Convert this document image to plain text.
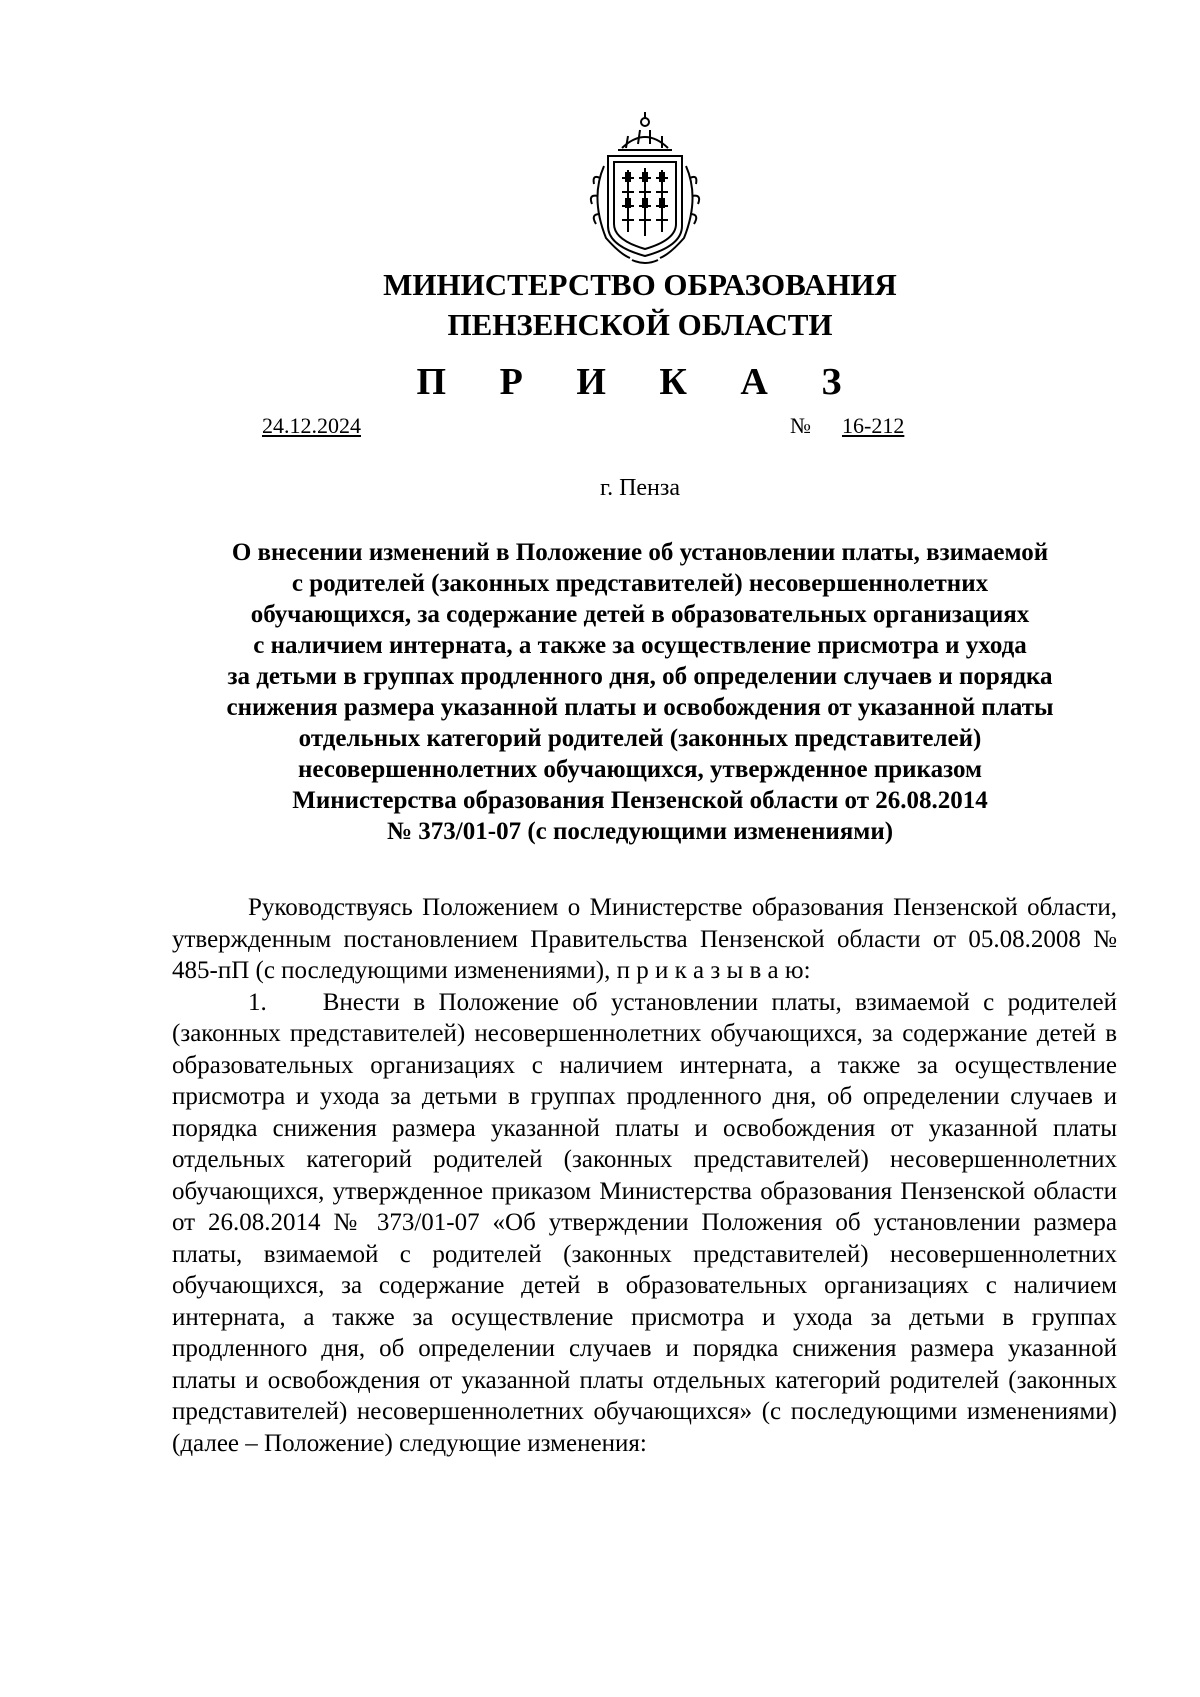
МИНИСТЕРСТВО ОБРАЗОВАНИЯ
ПЕНЗЕНСКОЙ ОБЛАСТИ
П Р И К А З
24.12.2024	№ 16-212
г. Пенза
О внесении изменений в Положение об установлении платы, взимаемой
с родителей (законных представителей) несовершеннолетних
обучающихся, за содержание детей в образовательных организациях
с наличием интерната, а также за осуществление присмотра и ухода
за детьми в группах продленного дня, об определении случаев и порядка
снижения размера указанной платы и освобождения от указанной платы
отдельных категорий родителей (законных представителей)
несовершеннолетних обучающихся, утвержденное приказом
Министерства образования Пензенской области от 26.08.2014
№ 373/01-07 (с последующими изменениями)

Руководствуясь Положением о Министерстве образования Пензенской области, утвержденным постановлением Правительства Пензенской области от 05.08.2008 № 485-пП (с последующими изменениями), п р и к а з ы в а ю:

1. Внести в Положение об установлении платы, взимаемой с родителей (законных представителей) несовершеннолетних обучающихся, за содержание детей в образовательных организациях с наличием интерната, а также за осуществление присмотра и ухода за детьми в группах продленного дня, об определении случаев и порядка снижения размера указанной платы и освобождения от указанной платы отдельных категорий родителей (законных представителей) несовершеннолетних обучающихся, утвержденное приказом Министерства образования Пензенской области от 26.08.2014 № 373/01-07 «Об утверждении Положения об установлении размера платы, взимаемой с родителей (законных представителей) несовершеннолетних обучающихся, за содержание детей в образовательных организациях с наличием интерната, а также за осуществление присмотра и ухода за детьми в группах продленного дня, об определении случаев и порядка снижения размера указанной платы и освобождения от указанной платы отдельных категорий родителей (законных представителей) несовершеннолетних обучающихся» (с последующими изменениями) (далее – Положение) следующие изменения:
